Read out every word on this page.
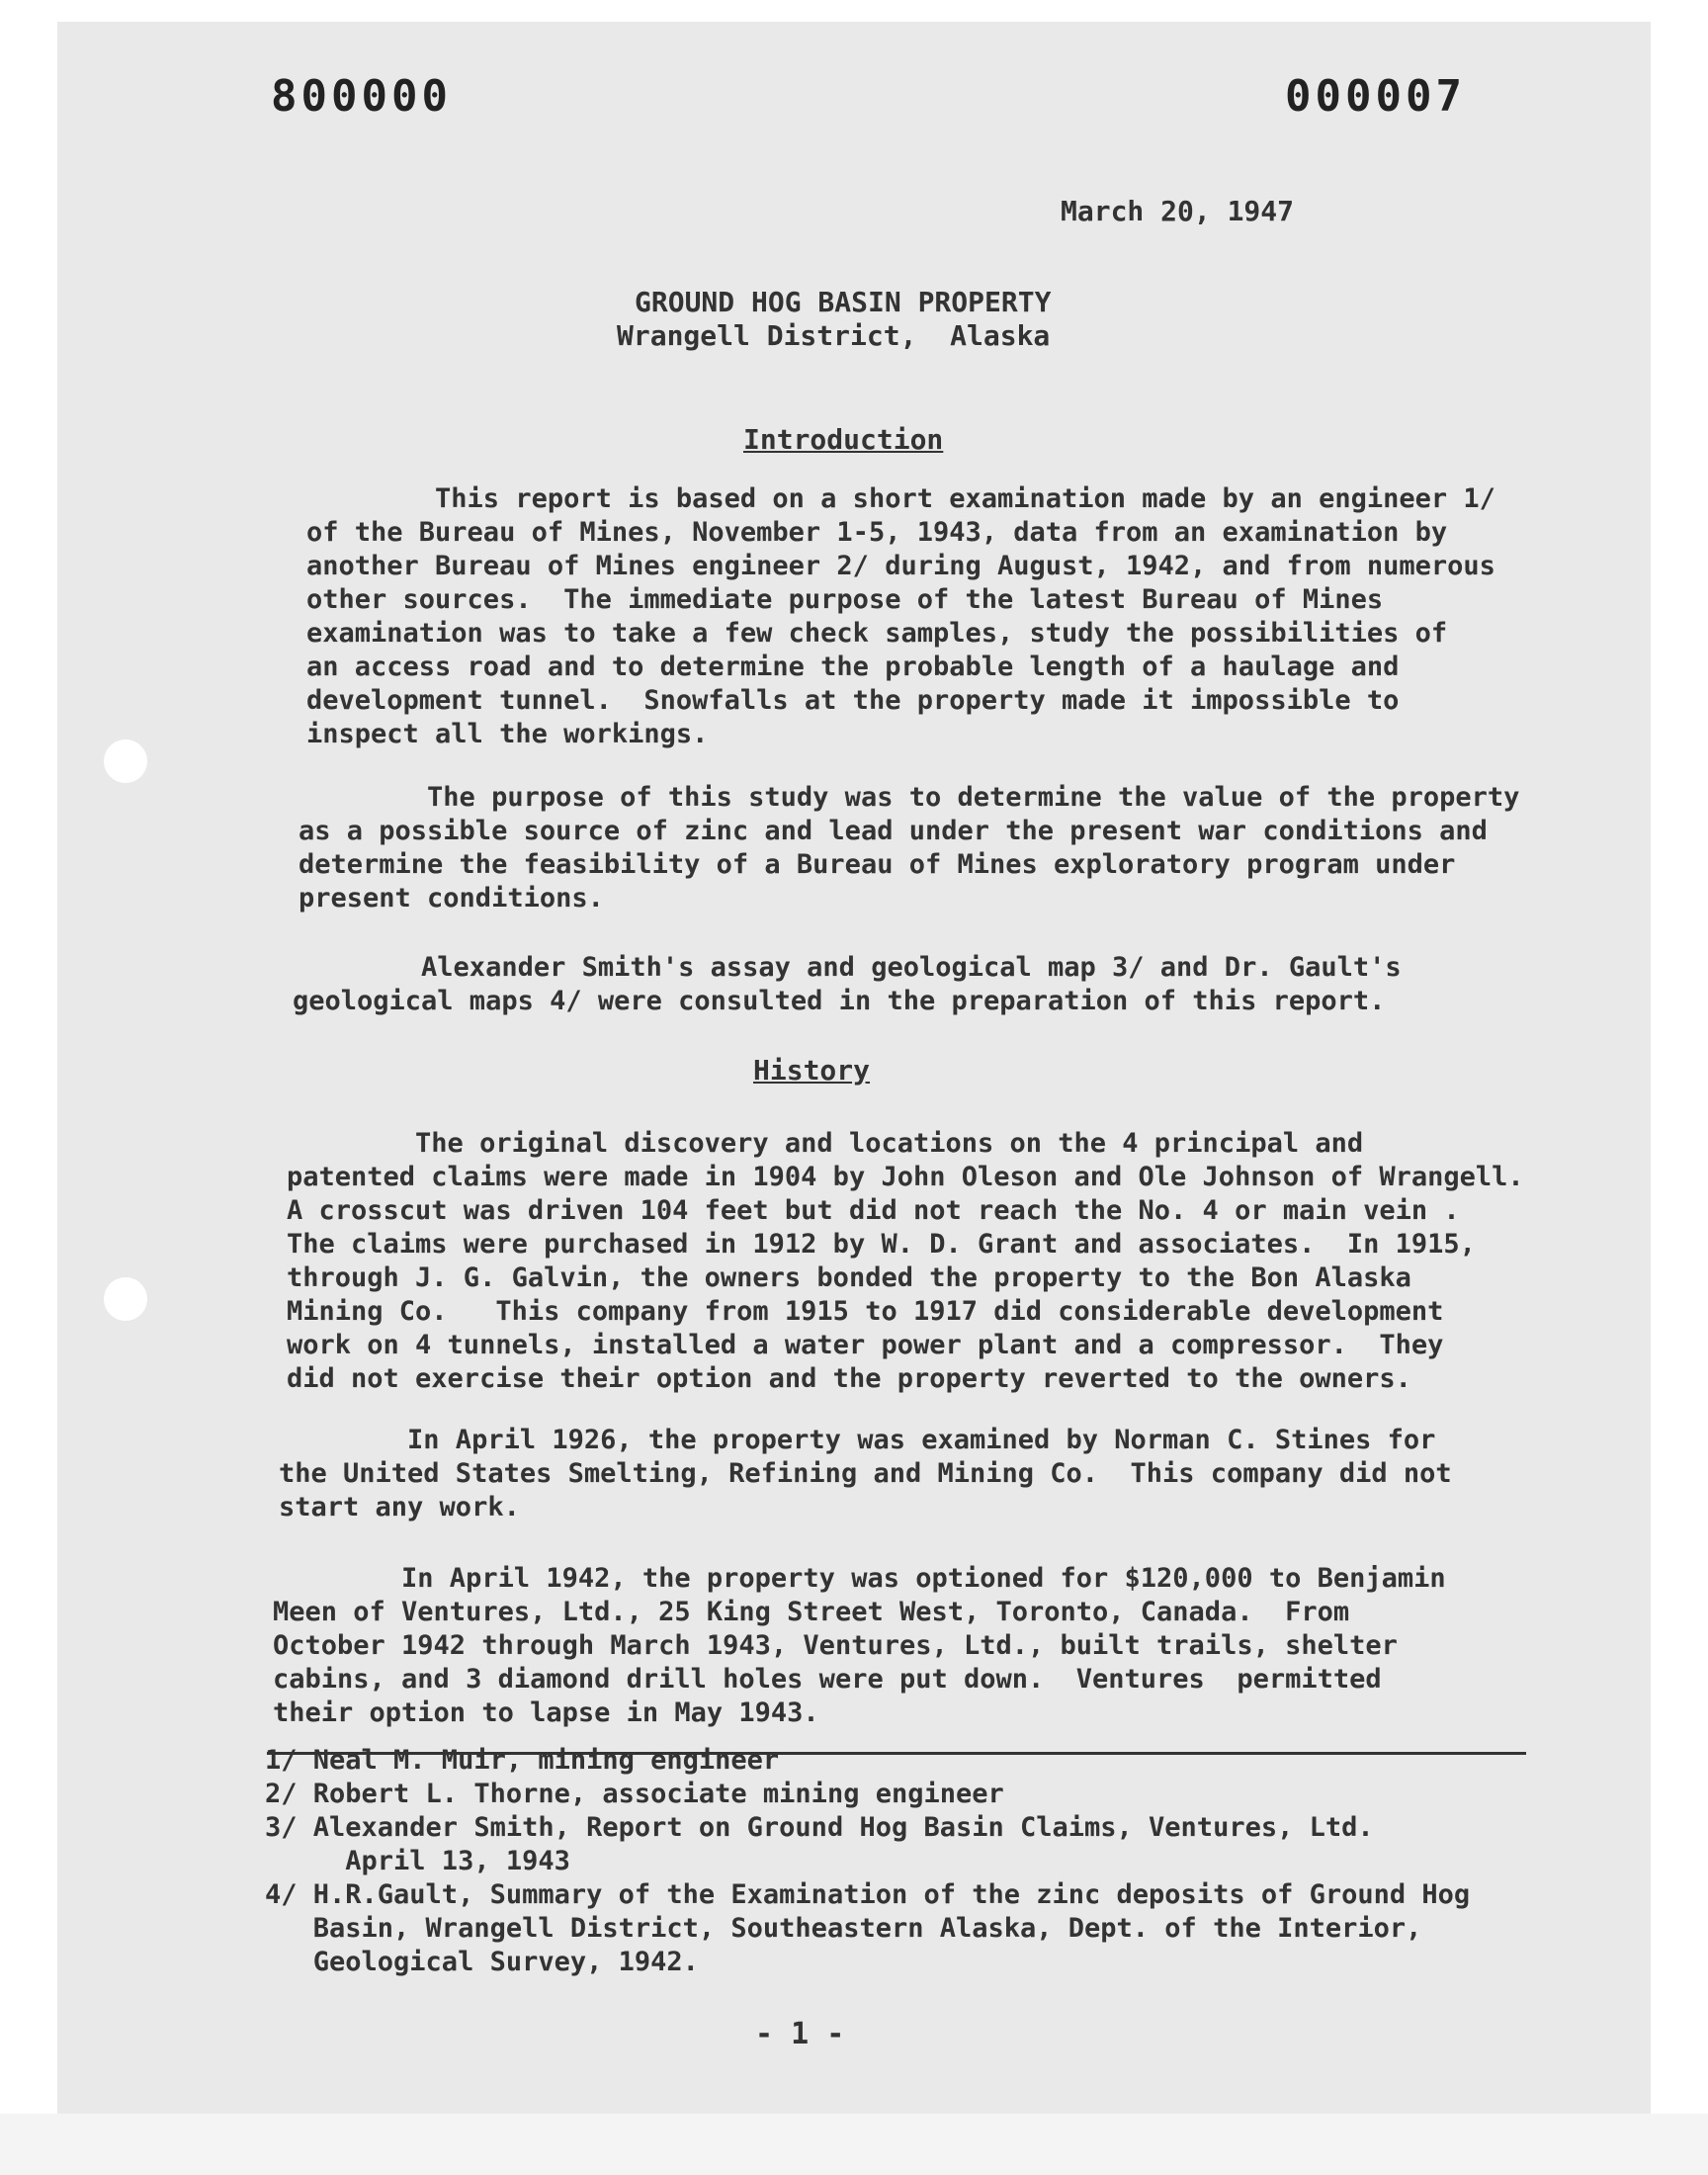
800000	000007
March 20, 1947
GROUND HOG BASIN PROPERTY
Wrangell District,  Alaska
Introduction
This report is based on a short examination made by an engineer 1/
of the Bureau of Mines, November 1-5, 1943, data from an examination by
another Bureau of Mines engineer 2/ during August, 1942, and from numerous
other sources.  The immediate purpose of the latest Bureau of Mines
examination was to take a few check samples, study the possibilities of
an access road and to determine the probable length of a haulage and
development tunnel.  Snowfalls at the property made it impossible to
inspect all the workings.
The purpose of this study was to determine the value of the property
as a possible source of zinc and lead under the present war conditions and
determine the feasibility of a Bureau of Mines exploratory program under
present conditions.
Alexander Smith's assay and geological map 3/ and Dr. Gault's
geological maps 4/ were consulted in the preparation of this report.
History
The original discovery and locations on the 4 principal and
patented claims were made in 1904 by John Oleson and Ole Johnson of Wrangell.
A crosscut was driven 104 feet but did not reach the No. 4 or main vein .
The claims were purchased in 1912 by W. D. Grant and associates.  In 1915,
through J. G. Galvin, the owners bonded the property to the Bon Alaska
Mining Co.   This company from 1915 to 1917 did considerable development
work on 4 tunnels, installed a water power plant and a compressor.  They
did not exercise their option and the property reverted to the owners.
In April 1926, the property was examined by Norman C. Stines for
the United States Smelting, Refining and Mining Co.  This company did not
start any work.
In April 1942, the property was optioned for $120,000 to Benjamin
Meen of Ventures, Ltd., 25 King Street West, Toronto, Canada.  From
October 1942 through March 1943, Ventures, Ltd., built trails, shelter
cabins, and 3 diamond drill holes were put down.  Ventures  permitted
their option to lapse in May 1943.
1/ Neal M. Muir, mining engineer
2/ Robert L. Thorne, associate mining engineer
3/ Alexander Smith, Report on Ground Hog Basin Claims, Ventures, Ltd.
April 13, 1943
4/ H.R.Gault, Summary of the Examination of the zinc deposits of Ground Hog
Basin, Wrangell District, Southeastern Alaska, Dept. of the Interior,
Geological Survey, 1942.
- 1 -
